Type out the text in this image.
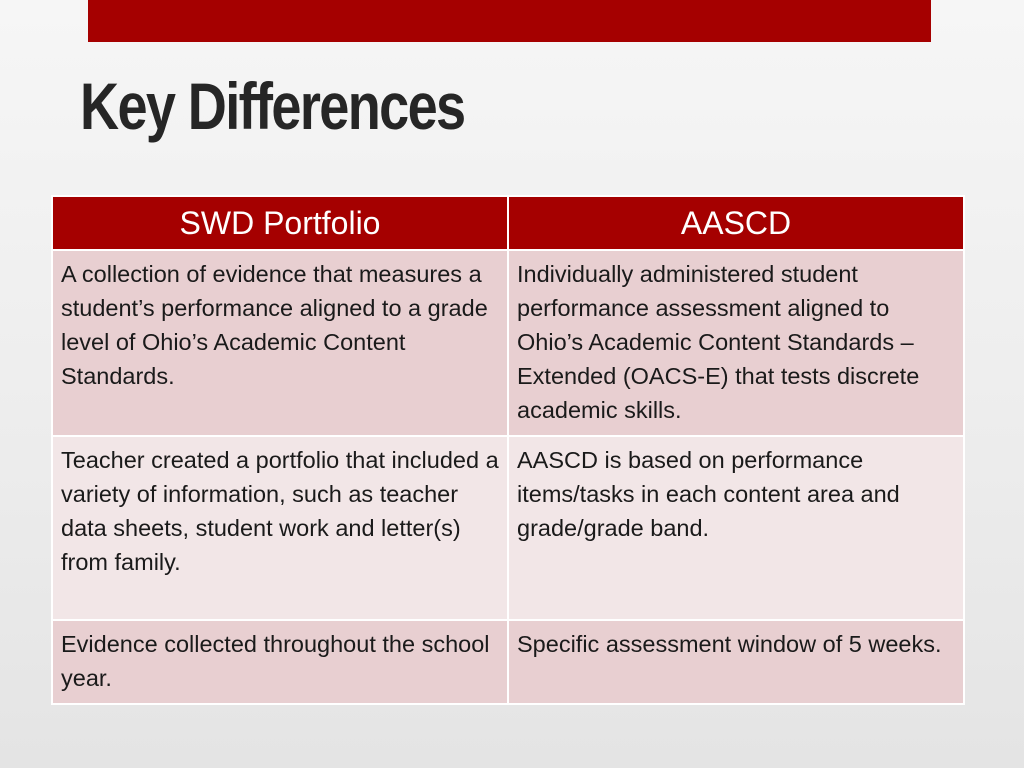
Key Differences
SWD Portfolio	AASCD
A collection of evidence that measures a student’s performance aligned to a grade level of Ohio’s Academic Content Standards.	Individually administered student performance assessment aligned to Ohio’s Academic Content Standards – Extended (OACS-E) that tests discrete academic skills.
Teacher created a portfolio that included a variety of information, such as teacher data sheets, student work and letter(s) from family.	AASCD is based on performance items/tasks in each content area and grade/grade band.
Evidence collected throughout the school year.	Specific assessment window of 5 weeks.
